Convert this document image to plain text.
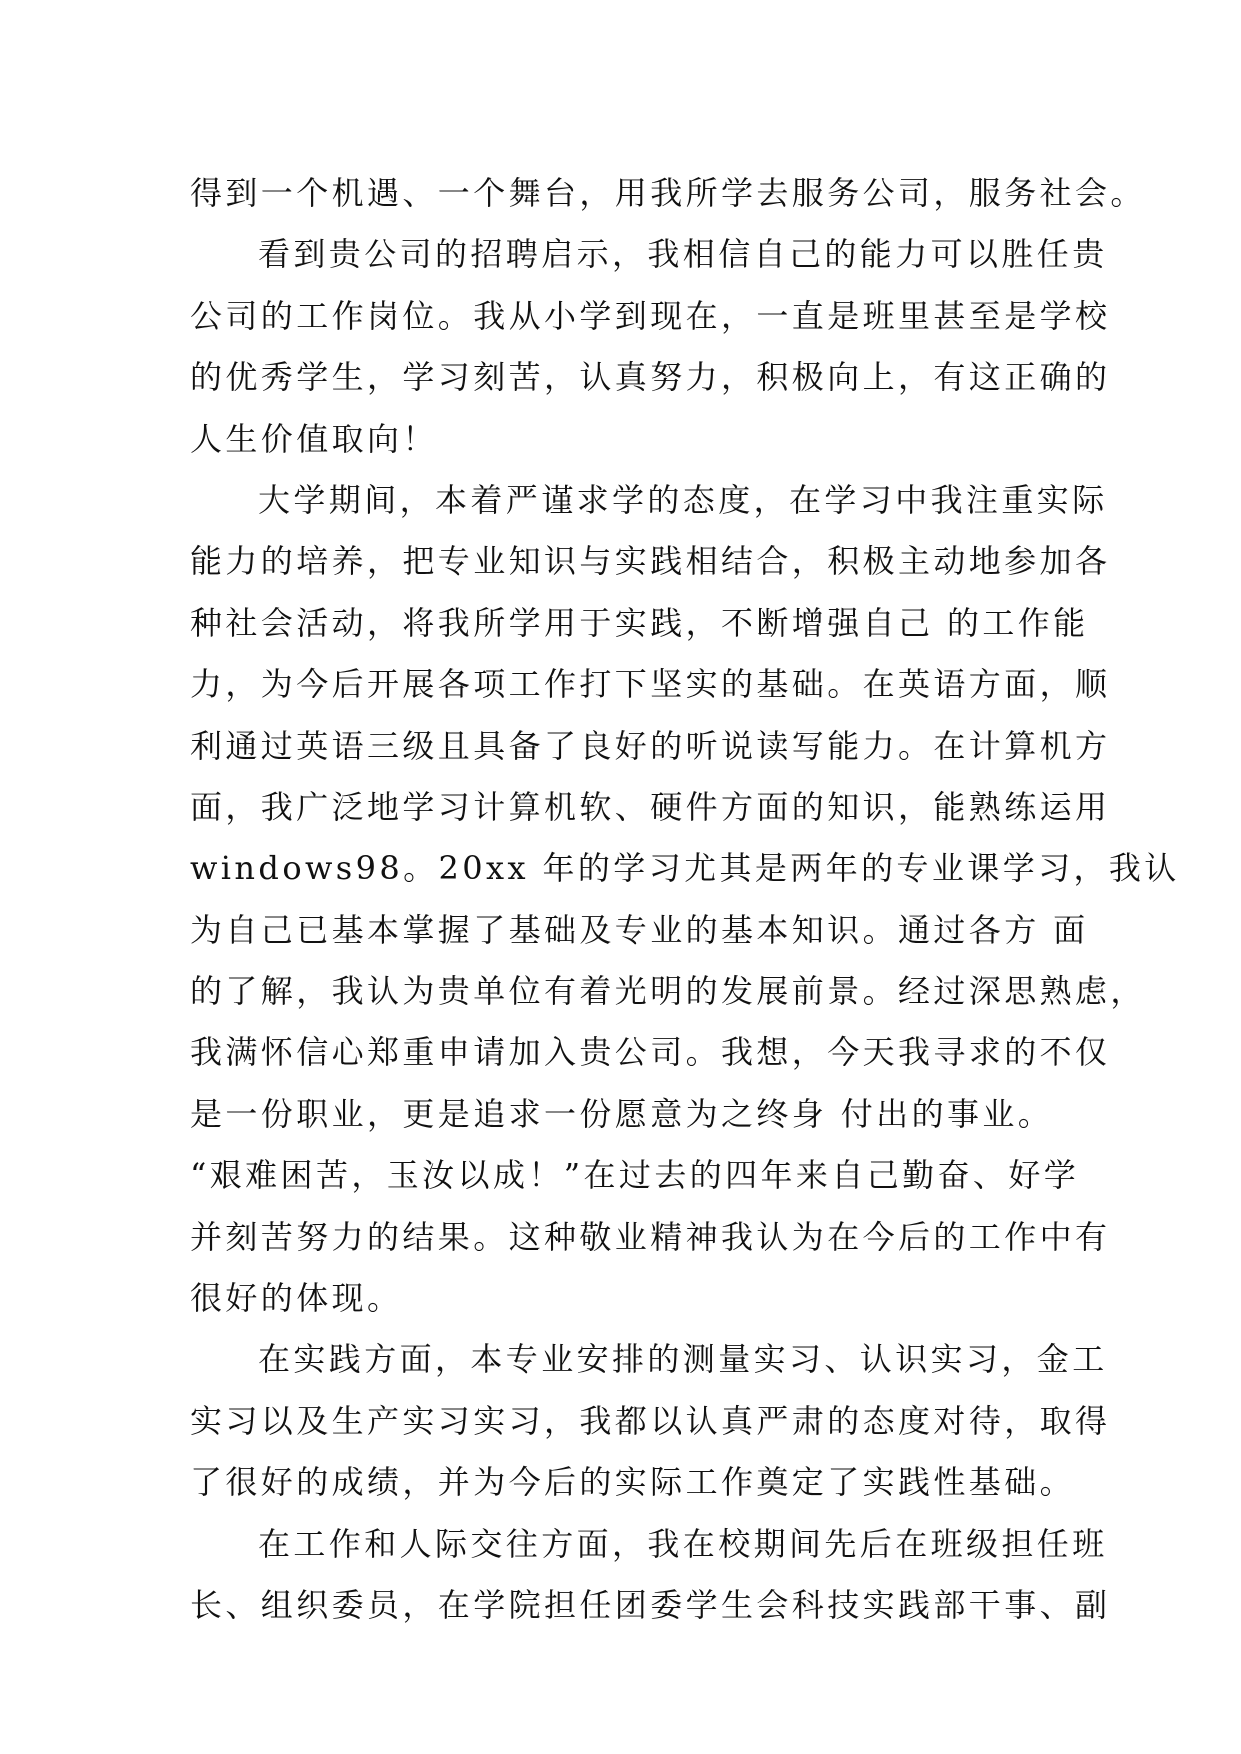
得到一个机遇、一个舞台，用我所学去服务公司，服务社会。
看到贵公司的招聘启示，我相信自己的能力可以胜任贵
公司的工作岗位。我从小学到现在，一直是班里甚至是学校
的优秀学生，学习刻苦，认真努力，积极向上，有这正确的
人生价值取向！
大学期间，本着严谨求学的态度，在学习中我注重实际
能力的培养，把专业知识与实践相结合，积极主动地参加各
种社会活动，将我所学用于实践，不断增强自己 的工作能
力，为今后开展各项工作打下坚实的基础。在英语方面，顺
利通过英语三级且具备了良好的听说读写能力。在计算机方
面，我广泛地学习计算机软、硬件方面的知识，能熟练运用
windows98。20xx 年的学习尤其是两年的专业课学习，我认
为自己已基本掌握了基础及专业的基本知识。通过各方 面
的了解，我认为贵单位有着光明的发展前景。经过深思熟虑，
我满怀信心郑重申请加入贵公司。我想，今天我寻求的不仅
是一份职业，更是追求一份愿意为之终身 付出的事业。
“艰难困苦，玉汝以成！”在过去的四年来自己勤奋、好学
并刻苦努力的结果。这种敬业精神我认为在今后的工作中有
很好的体现。
在实践方面，本专业安排的测量实习、认识实习，金工
实习以及生产实习实习，我都以认真严肃的态度对待，取得
了很好的成绩，并为今后的实际工作奠定了实践性基础。
在工作和人际交往方面，我在校期间先后在班级担任班
长、组织委员，在学院担任团委学生会科技实践部干事、副
